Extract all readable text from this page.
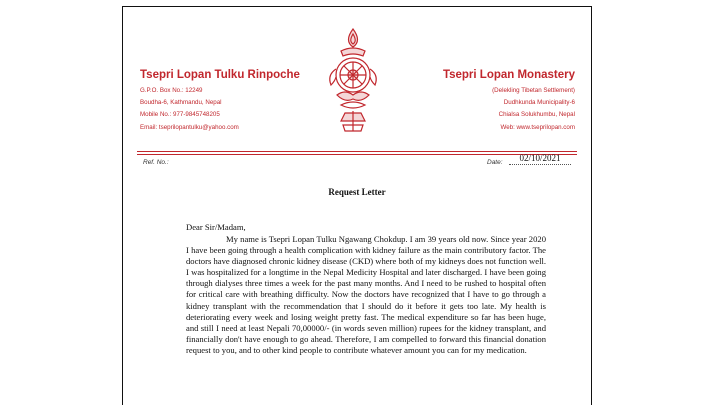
Tsepri Lopan Tulku Rinpoche
G.P.O. Box No.: 12249
Boudha-6, Kathmandu, Nepal
Mobile No.: 977-9845748205
Email: tseprilopantulku@yahoo.com
Tsepri Lopan Monastery
(Delekling Tibetan Settlement)
Dudhkunda Municipality-6
Chialsa Solukhumbu, Nepal
Web: www.tseprilopan.com
Ref. No.:	Date:	02/10/2021
Request Letter
Dear Sir/Madam,

My name is Tsepri Lopan Tulku Ngawang Chokdup. I am 39 years old now. Since year 2020 I have been going through a health complication with kidney failure as the main contributory factor. The doctors have diagnosed chronic kidney disease (CKD) where both of my kidneys does not function well. I was hospitalized for a longtime in the Nepal Medicity Hospital and later discharged. I have been going through dialyses three times a week for the past many months. And I need to be rushed to hospital often for critical care with breathing difficulty. Now the doctors have recognized that I have to go through a kidney transplant with the recommendation that I should do it before it gets too late. My health is deteriorating every week and losing weight pretty fast. The medical expenditure so far has been huge, and still I need at least Nepali 70,00000/- (in words seven million) rupees for the kidney transplant, and financially don't have enough to go ahead. Therefore, I am compelled to forward this financial donation request to you, and to other kind people to contribute whatever amount you can for my medication.
